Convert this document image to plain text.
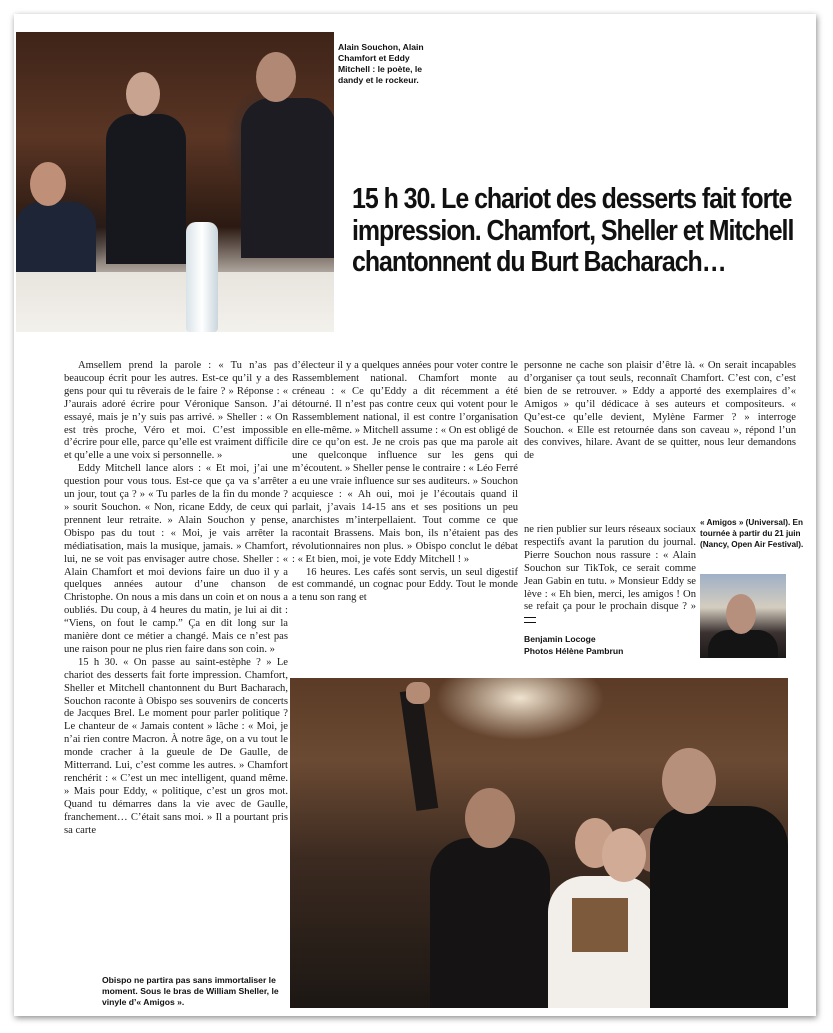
Alain Souchon, Alain Chamfort et Eddy Mitchell : le poète, le dandy et le rockeur.
15 h 30. Le chariot des desserts fait forte impression. Chamfort, Sheller et Mitchell chantonnent du Burt Bacharach…

Amsellem prend la parole : « Tu n’as pas beaucoup écrit pour les autres. Est-ce qu’il y a des gens pour qui tu rêverais de le faire ? » Réponse : « J’aurais adoré écrire pour Véronique Sanson. J’ai essayé, mais je n’y suis pas arrivé. » Sheller : « On est très proche, Véro et moi. C’est impossible d’écrire pour elle, parce qu’elle est vraiment difficile et qu’elle a une voix si personnelle. »

Eddy Mitchell lance alors : « Et moi, j’ai une question pour vous tous. Est-ce que ça va s’arrêter un jour, tout ça ? » « Tu parles de la fin du monde ? » sourit Souchon. « Non, ricane Eddy, de ceux qui prennent leur retraite. » Alain Souchon y pense, Obispo pas du tout : « Moi, je vais arrêter la médiatisation, mais la musique, jamais. » Chamfort, lui, ne se voit pas envisager autre chose. Sheller : « Alain Chamfort et moi devions faire un duo il y a quelques années autour d’une chanson de Christophe. On nous a mis dans un coin et on nous a oubliés. Du coup, à 4 heures du matin, je lui ai dit : “Viens, on fout le camp.” Ça en dit long sur la manière dont ce métier a changé. Mais ce n’est pas une raison pour ne plus rien faire dans son coin. »

15 h 30. « On passe au saint-estèphe ? » Le chariot des desserts fait forte impression. Chamfort, Sheller et Mitchell chantonnent du Burt Bacharach, Souchon raconte à Obispo ses souvenirs de concerts de Jacques Brel. Le moment pour parler politique ? Le chanteur de « Jamais content » lâche : « Moi, je n’ai rien contre Macron. À notre âge, on a vu tout le monde cracher à la gueule de De Gaulle, de Mitterrand. Lui, c’est comme les autres. » Chamfort renchérit : « C’est un mec intelligent, quand même. » Mais pour Eddy, « politique, c’est un gros mot. Quand tu démarres dans la vie avec de Gaulle, franchement… C’était sans moi. » Il a pourtant pris sa carte

d’électeur il y a quelques années pour voter contre le Rassemblement national. Chamfort monte au créneau : « Ce qu’Eddy a dit récemment a été détourné. Il n’est pas contre ceux qui votent pour le Rassemblement national, il est contre l’organisation en elle-même. » Mitchell assume : « On est obligé de dire ce qu’on est. Je ne crois pas que ma parole ait une quelconque influence sur les gens qui m’écoutent. » Sheller pense le contraire : « Léo Ferré a eu une vraie influence sur ses auditeurs. » Souchon acquiesce : « Ah oui, moi je l’écoutais quand il parlait, j’avais 14-15 ans et ses positions un peu anarchistes m’interpellaient. Tout comme ce que racontait Brassens. Mais bon, ils n’étaient pas des révolutionnaires non plus. » Obispo conclut le débat : « Et bien, moi, je vote Eddy Mitchell ! »

16 heures. Les cafés sont servis, un seul digestif est commandé, un cognac pour Eddy. Tout le monde a tenu son rang et

personne ne cache son plaisir d’être là. « On serait incapables d’organiser ça tout seuls, reconnaît Chamfort. C’est con, c’est bien de se retrouver. » Eddy a apporté des exemplaires d’« Amigos » qu’il dédicace à ses auteurs et compositeurs. « Qu’est-ce qu’elle devient, Mylène Farmer ? » interroge Souchon. « Elle est retournée dans son caveau », répond l’un des convives, hilare. Avant de se quitter, nous leur demandons de

ne rien publier sur leurs réseaux sociaux respectifs avant la parution du journal. Pierre Souchon nous rassure : « Alain Souchon sur TikTok, ce serait comme Jean Gabin en tutu. » Monsieur Eddy se lève : « Eh bien, merci, les amigos ! On se refait ça pour le prochain disque ? »

Benjamin Locoge
Photos Hélène Pambrun
« Amigos » (Universal). En tournée à partir du 21 juin (Nancy, Open Air Festival).
Obispo ne partira pas sans immortaliser le moment. Sous le bras de William Sheller, le vinyle d’« Amigos ».
